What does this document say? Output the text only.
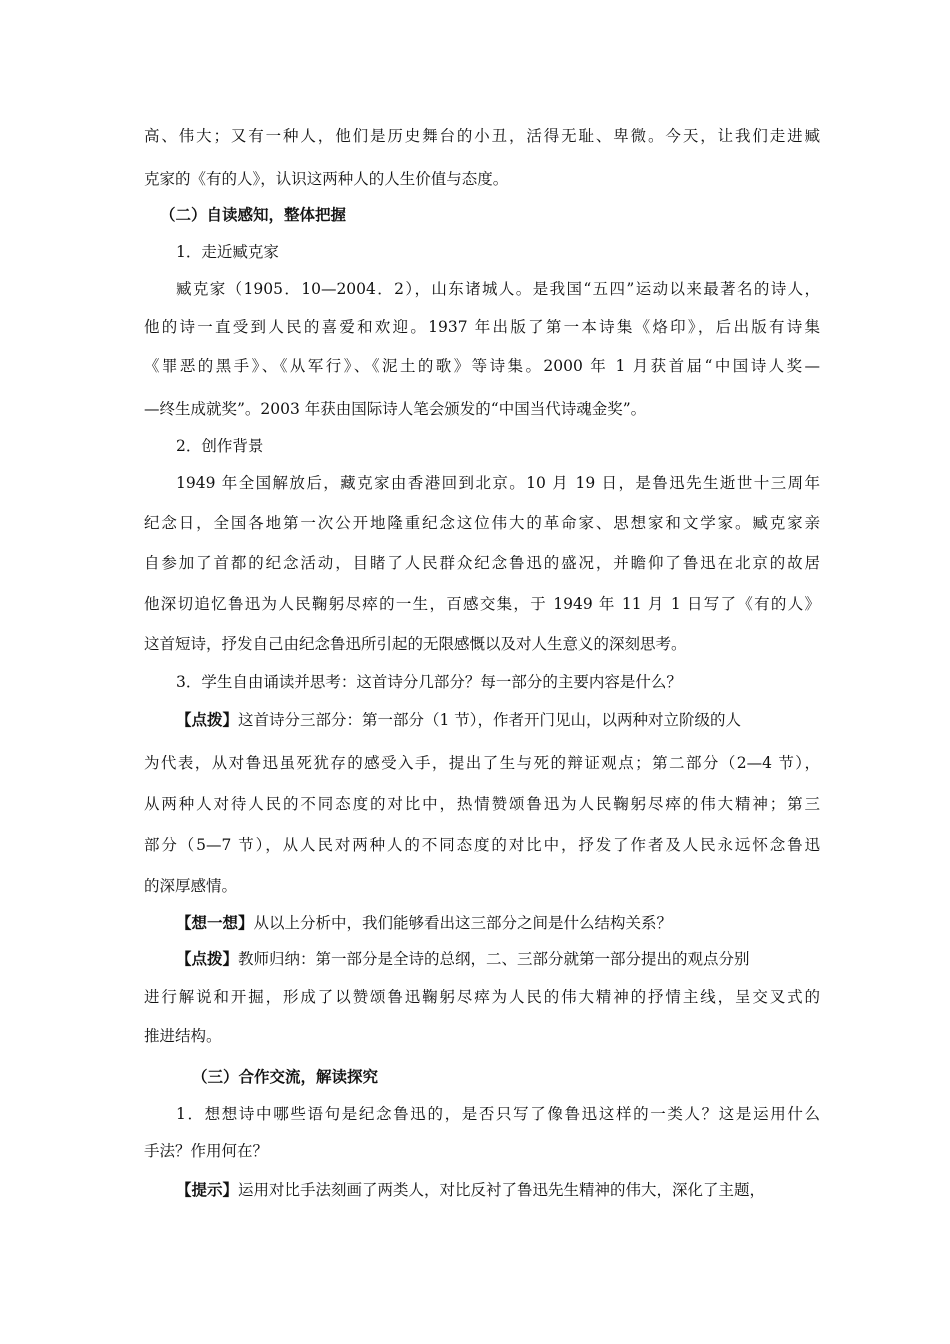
高、伟大；又有一种人，他们是历史舞台的小丑，活得无耻、卑微。今天，让我们走进臧
克家的《有的人》，认识这两种人的人生价值与态度。
（二）自读感知，整体把握
1．走近臧克家
臧克家（1905．10—2004．2），山东诸城人。是我国“五四”运动以来最著名的诗人，
他的诗一直受到人民的喜爱和欢迎。1937 年出版了第一本诗集《烙印》，后出版有诗集
《罪恶的黑手》、《从军行》、《泥土的歌》等诗集。2000 年 1 月获首届“中国诗人奖—
—终生成就奖”。2003 年获由国际诗人笔会颁发的“中国当代诗魂金奖”。
2．创作背景
1949 年全国解放后，藏克家由香港回到北京。10 月 19 日，是鲁迅先生逝世十三周年
纪念日，全国各地第一次公开地隆重纪念这位伟大的革命家、思想家和文学家。臧克家亲
自参加了首都的纪念活动，目睹了人民群众纪念鲁迅的盛况，并瞻仰了鲁迅在北京的故居
他深切追忆鲁迅为人民鞠躬尽瘁的一生，百感交集，于 1949 年 11 月 1 日写了《有的人》
这首短诗，抒发自己由纪念鲁迅所引起的无限感慨以及对人生意义的深刻思考。
3．学生自由诵读并思考：这首诗分几部分？每一部分的主要内容是什么？
【点拨】这首诗分三部分：第一部分（1 节），作者开门见山，以两种对立阶级的人
为代表，从对鲁迅虽死犹存的感受入手，提出了生与死的辩证观点；第二部分（2—4 节），
从两种人对待人民的不同态度的对比中，热情赞颂鲁迅为人民鞠躬尽瘁的伟大精神；第三
部分（5—7 节），从人民对两种人的不同态度的对比中，抒发了作者及人民永远怀念鲁迅
的深厚感情。
【想一想】从以上分析中，我们能够看出这三部分之间是什么结构关系？
【点拨】教师归纳：第一部分是全诗的总纲，二、三部分就第一部分提出的观点分别
进行解说和开掘，形成了以赞颂鲁迅鞠躬尽瘁为人民的伟大精神的抒情主线，呈交叉式的
推进结构。
（三）合作交流，解读探究
1．想想诗中哪些语句是纪念鲁迅的，是否只写了像鲁迅这样的一类人？这是运用什么
手法？作用何在？
【提示】运用对比手法刻画了两类人，对比反衬了鲁迅先生精神的伟大，深化了主题，
